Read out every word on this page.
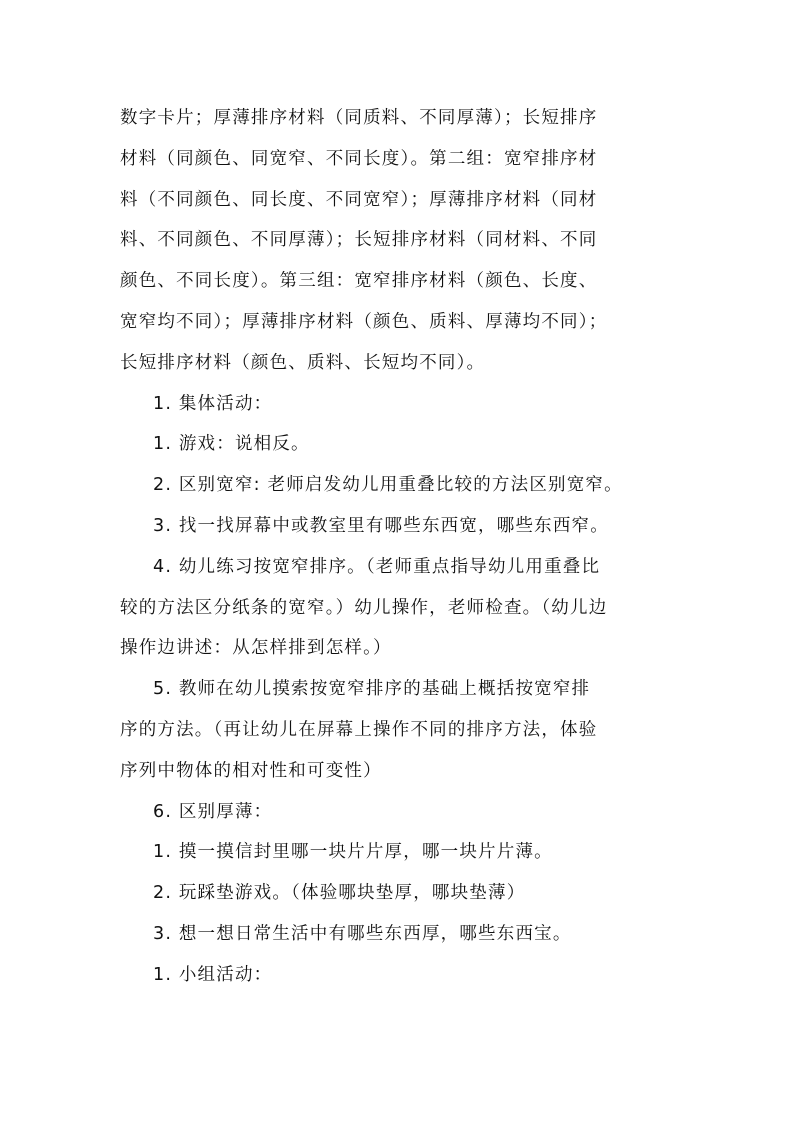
数字卡片；厚薄排序材料（同质料、不同厚薄）；长短排序
材料（同颜色、同宽窄、不同长度）。第二组：宽窄排序材
料（不同颜色、同长度、不同宽窄）；厚薄排序材料（同材
料、不同颜色、不同厚薄）；长短排序材料（同材料、不同
颜色、不同长度）。第三组：宽窄排序材料（颜色、长度、
宽窄均不同）；厚薄排序材料（颜色、质料、厚薄均不同）；
长短排序材料（颜色、质料、长短均不同）。
1. 集体活动：
1. 游戏：说相反。
2. 区别宽窄: 老师启发幼儿用重叠比较的方法区别宽窄。
3. 找一找屏幕中或教室里有哪些东西宽，哪些东西窄。
4. 幼儿练习按宽窄排序。（老师重点指导幼儿用重叠比
较的方法区分纸条的宽窄。）幼儿操作，老师检查。（幼儿边
操作边讲述：从怎样排到怎样。）
5. 教师在幼儿摸索按宽窄排序的基础上概括按宽窄排
序的方法。（再让幼儿在屏幕上操作不同的排序方法，体验
序列中物体的相对性和可变性）
6. 区别厚薄：
1. 摸一摸信封里哪一块片片厚，哪一块片片薄。
2. 玩踩垫游戏。（体验哪块垫厚，哪块垫薄）
3. 想一想日常生活中有哪些东西厚，哪些东西宝。
1. 小组活动：
